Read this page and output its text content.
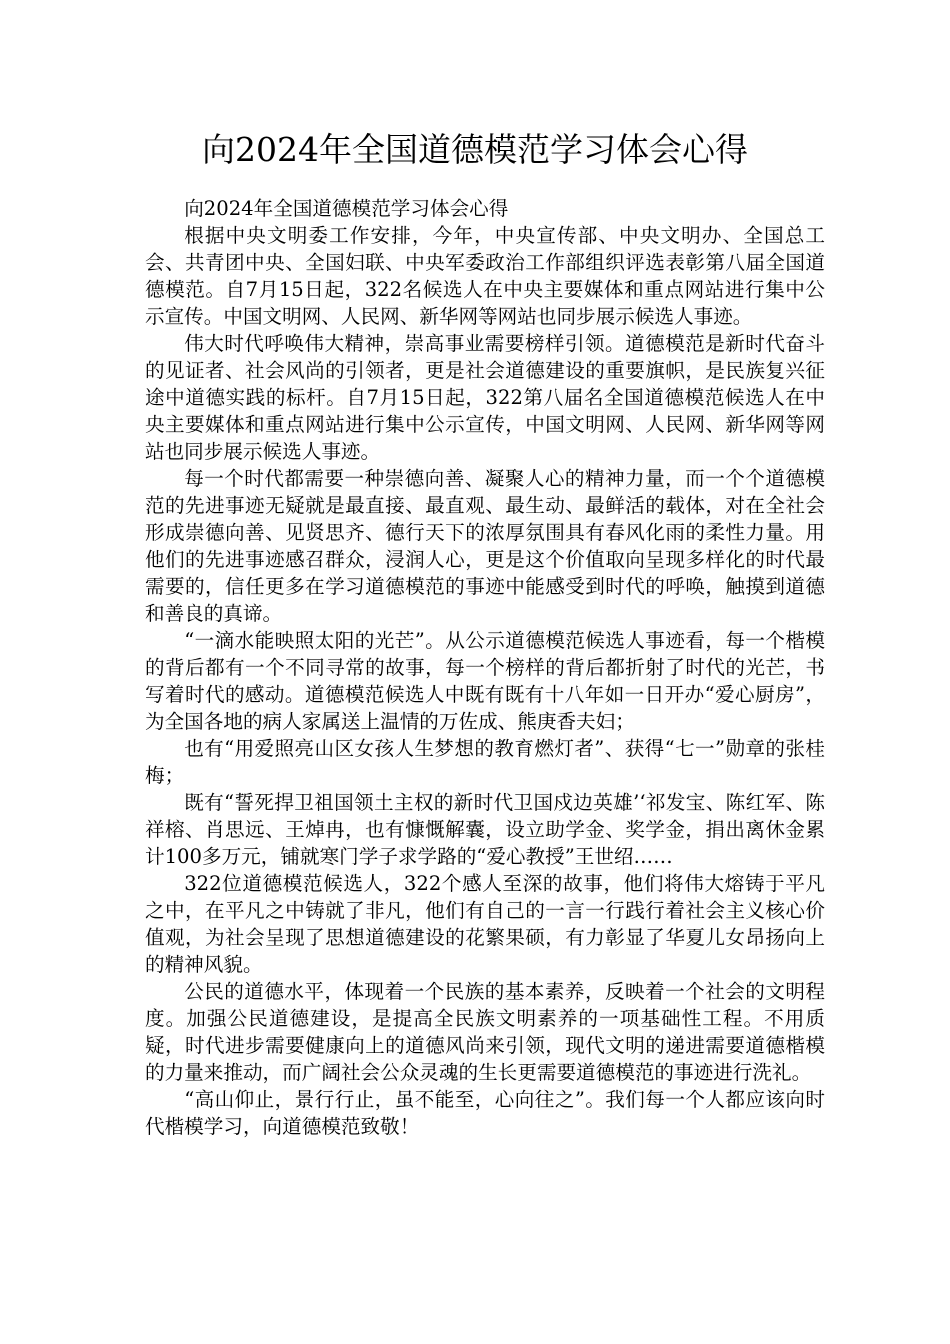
向2024年全国道德模范学习体会心得

向2024年全国道德模范学习体会心得

根据中央文明委工作安排，今年，中央宣传部、中央文明办、全国总工会、共青团中央、全国妇联、中央军委政治工作部组织评选表彰第八届全国道德模范。自7月15日起，322名候选人在中央主要媒体和重点网站进行集中公示宣传。中国文明网、人民网、新华网等网站也同步展示候选人事迹。

伟大时代呼唤伟大精神，崇高事业需要榜样引领。道德模范是新时代奋斗的见证者、社会风尚的引领者，更是社会道德建设的重要旗帜，是民族复兴征途中道德实践的标杆。自7月15日起，322第八届名全国道德模范候选人在中央主要媒体和重点网站进行集中公示宣传，中国文明网、人民网、新华网等网站也同步展示候选人事迹。

每一个时代都需要一种崇德向善、凝聚人心的精神力量，而一个个道德模范的先进事迹无疑就是最直接、最直观、最生动、最鲜活的载体，对在全社会形成崇德向善、见贤思齐、德行天下的浓厚氛围具有春风化雨的柔性力量。用他们的先进事迹感召群众，浸润人心，更是这个价值取向呈现多样化的时代最需要的，信任更多在学习道德模范的事迹中能感受到时代的呼唤，触摸到道德和善良的真谛。

“一滴水能映照太阳的光芒”。从公示道德模范候选人事迹看，每一个楷模的背后都有一个不同寻常的故事，每一个榜样的背后都折射了时代的光芒，书写着时代的感动。道德模范候选人中既有既有十八年如一日开办“爱心厨房”，为全国各地的病人家属送上温情的万佐成、熊庚香夫妇；

也有“用爱照亮山区女孩人生梦想的教育燃灯者”、获得“七一”勋章的张桂梅；

既有“誓死捍卫祖国领土主权的新时代卫国戍边英雄’‘祁发宝、陈红军、陈祥榕、肖思远、王焯冉，也有慷慨解囊，设立助学金、奖学金，捐出离休金累计100多万元，铺就寒门学子求学路的“爱心教授”王世绍……

322位道德模范候选人，322个感人至深的故事，他们将伟大熔铸于平凡之中，在平凡之中铸就了非凡，他们有自己的一言一行践行着社会主义核心价值观，为社会呈现了思想道德建设的花繁果硕，有力彰显了华夏儿女昂扬向上的精神风貌。

公民的道德水平，体现着一个民族的基本素养，反映着一个社会的文明程度。加强公民道德建设，是提高全民族文明素养的一项基础性工程。不用质疑，时代进步需要健康向上的道德风尚来引领，现代文明的递进需要道德楷模的力量来推动，而广阔社会公众灵魂的生长更需要道德模范的事迹进行洗礼。

“高山仰止，景行行止，虽不能至，心向往之”。我们每一个人都应该向时代楷模学习，向道德模范致敬！
